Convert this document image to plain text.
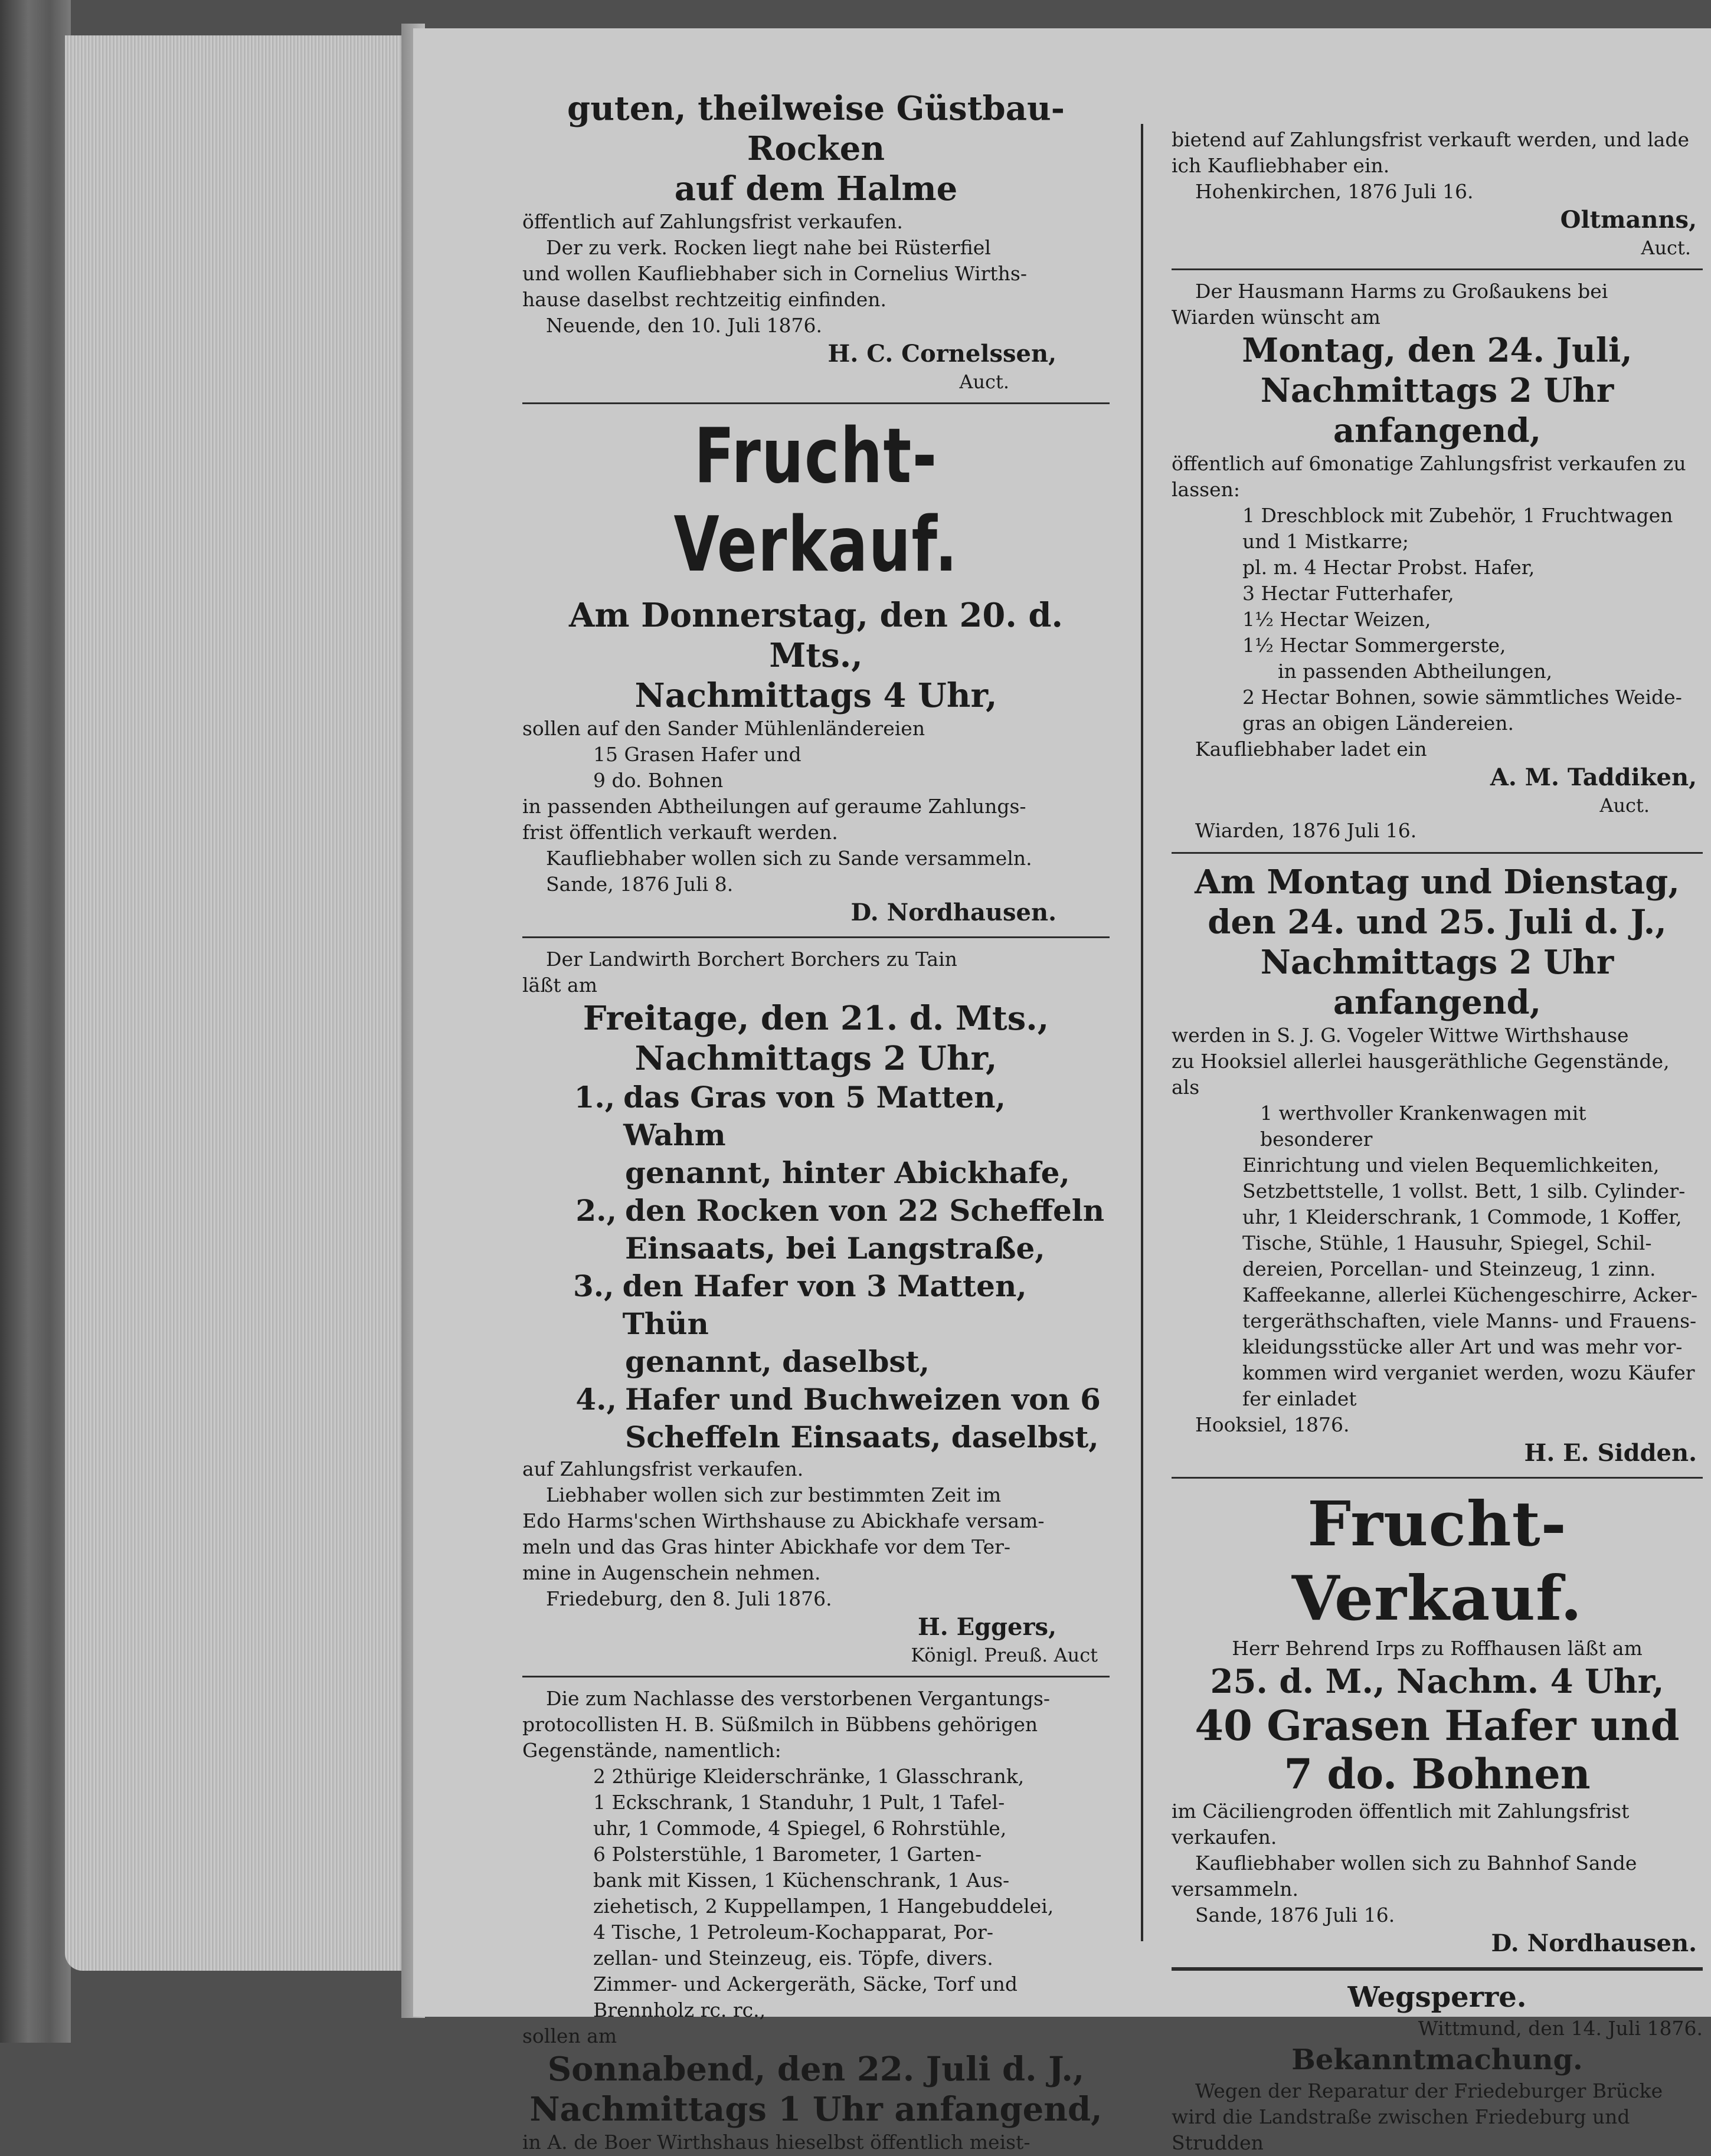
guten, theilweise Güstbau-Rocken
auf dem Halme
öffentlich auf Zahlungsfrist verkaufen.
Der zu verk. Rocken liegt nahe bei Rüsterfiel
und wollen Kaufliebhaber sich in Cornelius Wirths-
hause daselbst rechtzeitig einfinden.
Neuende, den 10. Juli 1876.
H. C. Cornelssen,
Auct.
Frucht-Verkauf.
Am Donnerstag, den 20. d. Mts.,
Nachmittags 4 Uhr,
sollen auf den Sander Mühlenländereien
15 Grasen Hafer und
9 do. Bohnen
in passenden Abtheilungen auf geraume Zahlungs-
frist öffentlich verkauft werden.
Kaufliebhaber wollen sich zu Sande versammeln.
Sande, 1876 Juli 8.
D. Nordhausen.
Der Landwirth Borchert Borchers zu Tain
läßt am
Freitage, den 21. d. Mts.,
Nachmittags 2 Uhr,
1., das Gras von 5 Matten, Wahm
genannt, hinter Abickhafe,
2., den Rocken von 22 Scheffeln
Einsaats, bei Langstraße,
3., den Hafer von 3 Matten, Thün
genannt, daselbst,
4., Hafer und Buchweizen von 6
Scheffeln Einsaats, daselbst,
auf Zahlungsfrist verkaufen.
Liebhaber wollen sich zur bestimmten Zeit im
Edo Harms'schen Wirthshause zu Abickhafe versam-
meln und das Gras hinter Abickhafe vor dem Ter-
mine in Augenschein nehmen.
Friedeburg, den 8. Juli 1876.
H. Eggers,
Königl. Preuß. Auct
Die zum Nachlasse des verstorbenen Vergantungs-
protocollisten H. B. Süßmilch in Bübbens gehörigen
Gegenstände, namentlich:
2 2thürige Kleiderschränke, 1 Glasschrank,
1 Eckschrank, 1 Standuhr, 1 Pult, 1 Tafel-
uhr, 1 Commode, 4 Spiegel, 6 Rohrstühle,
6 Polsterstühle, 1 Barometer, 1 Garten-
bank mit Kissen, 1 Küchenschrank, 1 Aus-
ziehetisch, 2 Kuppellampen, 1 Hangebuddelei,
4 Tische, 1 Petroleum-Kochapparat, Por-
zellan- und Steinzeug, eis. Töpfe, divers.
Zimmer- und Ackergeräth, Säcke, Torf und
Brennholz rc. rc.,
sollen am
Sonnabend, den 22. Juli d. J.,
Nachmittags 1 Uhr anfangend,
in A. de Boer Wirthshaus hieselbst öffentlich meist-
bietend auf Zahlungsfrist verkauft werden, und lade
ich Kaufliebhaber ein.
Hohenkirchen, 1876 Juli 16.
Oltmanns,
Auct.
Der Hausmann Harms zu Großaukens bei
Wiarden wünscht am
Montag, den 24. Juli,
Nachmittags 2 Uhr anfangend,
öffentlich auf 6monatige Zahlungsfrist verkaufen zu
lassen:
1 Dreschblock mit Zubehör, 1 Fruchtwagen
und 1 Mistkarre;
pl. m. 4 Hectar Probst. Hafer,
3 Hectar Futterhafer,
1½ Hectar Weizen,
1½ Hectar Sommergerste,
in passenden Abtheilungen,
2 Hectar Bohnen, sowie sämmtliches Weide-
gras an obigen Ländereien.
Kaufliebhaber ladet ein
A. M. Taddiken,
Auct.
Wiarden, 1876 Juli 16.
Am Montag und Dienstag,
den 24. und 25. Juli d. J.,
Nachmittags 2 Uhr anfangend,
werden in S. J. G. Vogeler Wittwe Wirthshause
zu Hooksiel allerlei hausgeräthliche Gegenstände, als
1 werthvoller Krankenwagen mit besonderer
Einrichtung und vielen Bequemlichkeiten,
Setzbettstelle, 1 vollst. Bett, 1 silb. Cylinder-
uhr, 1 Kleiderschrank, 1 Commode, 1 Koffer,
Tische, Stühle, 1 Hausuhr, Spiegel, Schil-
dereien, Porcellan- und Steinzeug, 1 zinn.
Kaffeekanne, allerlei Küchengeschirre, Acker-
tergeräthschaften, viele Manns- und Frauens-
kleidungsstücke aller Art und was mehr vor-
kommen wird verganiet werden, wozu Käufer
fer einladet
Hooksiel, 1876.
H. E. Sidden.
Frucht-Verkauf.
Herr Behrend Irps zu Roffhausen läßt am
25. d. M., Nachm. 4 Uhr,
40 Grasen Hafer und
7 do. Bohnen
im Cäciliengroden öffentlich mit Zahlungsfrist verkaufen.
Kaufliebhaber wollen sich zu Bahnhof Sande
versammeln.
Sande, 1876 Juli 16.
D. Nordhausen.
Wegsperre.
Wittmund, den 14. Juli 1876.
Bekanntmachung.
Wegen der Reparatur der Friedeburger Brücke
wird die Landstraße zwischen Friedeburg und Strudden
